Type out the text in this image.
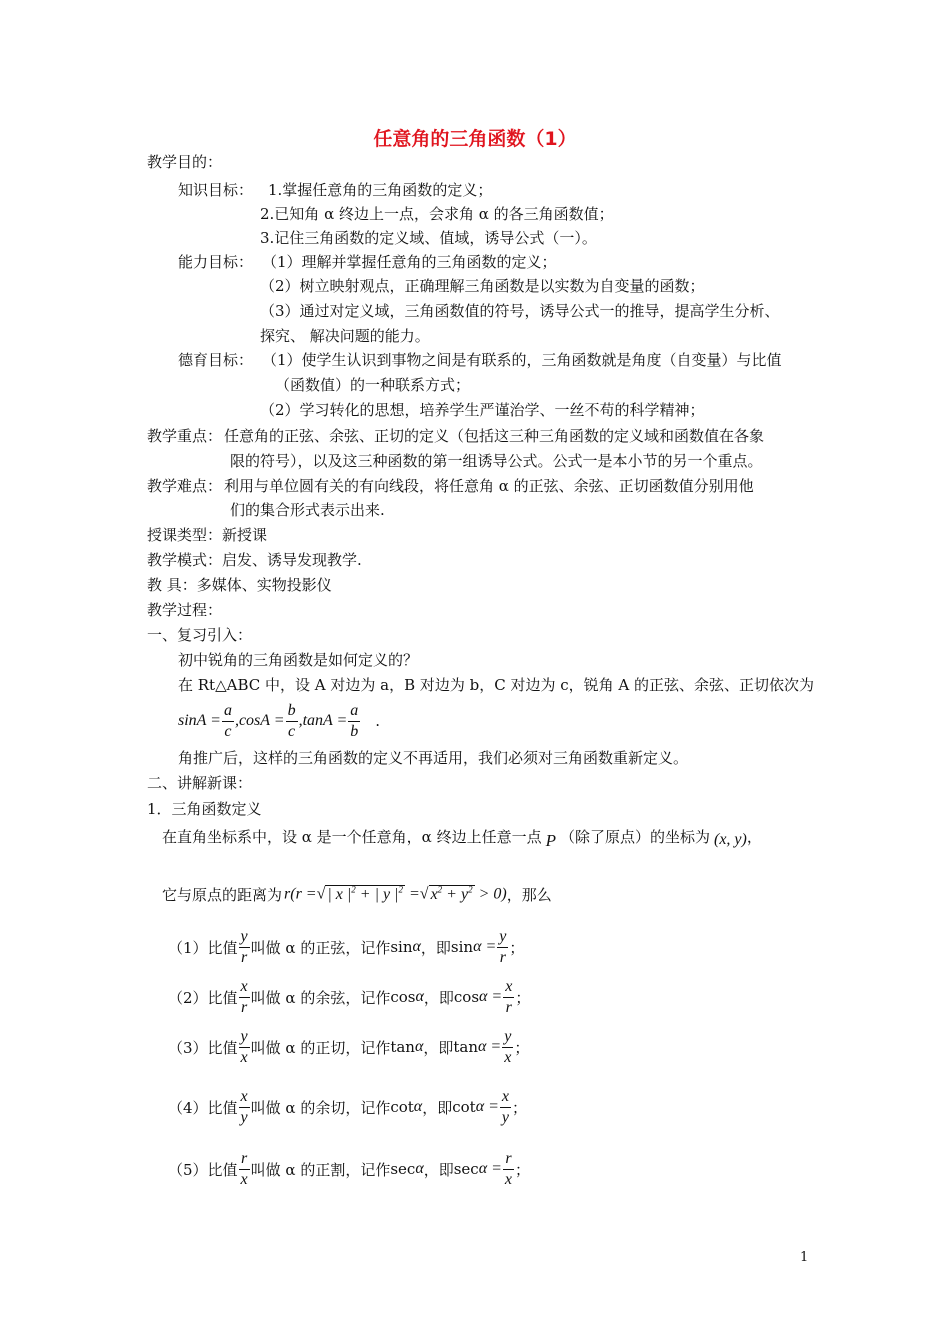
任意角的三角函数（1）
教学目的：
知识目标： 1.掌握任意角的三角函数的定义；
2.已知角 α 终边上一点，会求角 α 的各三角函数值；
3.记住三角函数的定义域、值域，诱导公式（一）。
能力目标： （1）理解并掌握任意角的三角函数的定义；
（2）树立映射观点，正确理解三角函数是以实数为自变量的函数；
（3）通过对定义域，三角函数值的符号，诱导公式一的推导，提高学生分析、
探究、 解决问题的能力。
德育目标： （1）使学生认识到事物之间是有联系的，三角函数就是角度（自变量）与比值
（函数值）的一种联系方式；
（2）学习转化的思想，培养学生严谨治学、一丝不苟的科学精神；
教学重点： 任意角的正弦、余弦、正切的定义（包括这三种三角函数的定义域和函数值在各象
限的符号），以及这三种函数的第一组诱导公式。公式一是本小节的另一个重点。
教学难点： 利用与单位圆有关的有向线段，将任意角 α 的正弦、余弦、正切函数值分别用他
们的集合形式表示出来.
授课类型：新授课
教学模式：启发、诱导发现教学.
教 具：多媒体、实物投影仪
教学过程：
一、复习引入：
初中锐角的三角函数是如何定义的？
在 Rt△ABC 中，设 A 对边为 a，B 对边为 b，C 对边为 c，锐角 A 的正弦、余弦、正切依次为
$\sin A = \frac{a}{c} ,\cos A = \frac{b}{c} ,\tan A = \frac{a}{b}$ .
角推广后，这样的三角函数的定义不再适用，我们必须对三角函数重新定义。
二、讲解新课：
1．三角函数定义
在直角坐标系中，设 α 是一个任意角，α 终边上任意一点 P （除了原点）的坐标为 (x, y) ，
它与原点的距离为 r(r =√ | x $|^2$ + | y $|^2$ =√ $x^2 + y^2 > 0$) ，那么
（1）比值 $\frac{y}{r}$ 叫做 α 的正弦，记作 sin α ，即 $\sin \alpha = \frac{y}{r}$ ；
（2）比值 $\frac{x}{r}$ 叫做 α 的余弦，记作 cos α ，即 $\cos \alpha = \frac{x}{r}$ ；
（3）比值 $\frac{y}{x}$ 叫做 α 的正切，记作 tan α ，即 $\tan \alpha = \frac{y}{x}$ ；
（4）比值 $\frac{x}{y}$ 叫做 α 的余切，记作 cot α ，即 $\cot \alpha = \frac{x}{y}$ ；
（5）比值 $\frac{r}{x}$ 叫做 α 的正割，记作 sec α ，即 $\sec \alpha = \frac{r}{x}$ ；
1
